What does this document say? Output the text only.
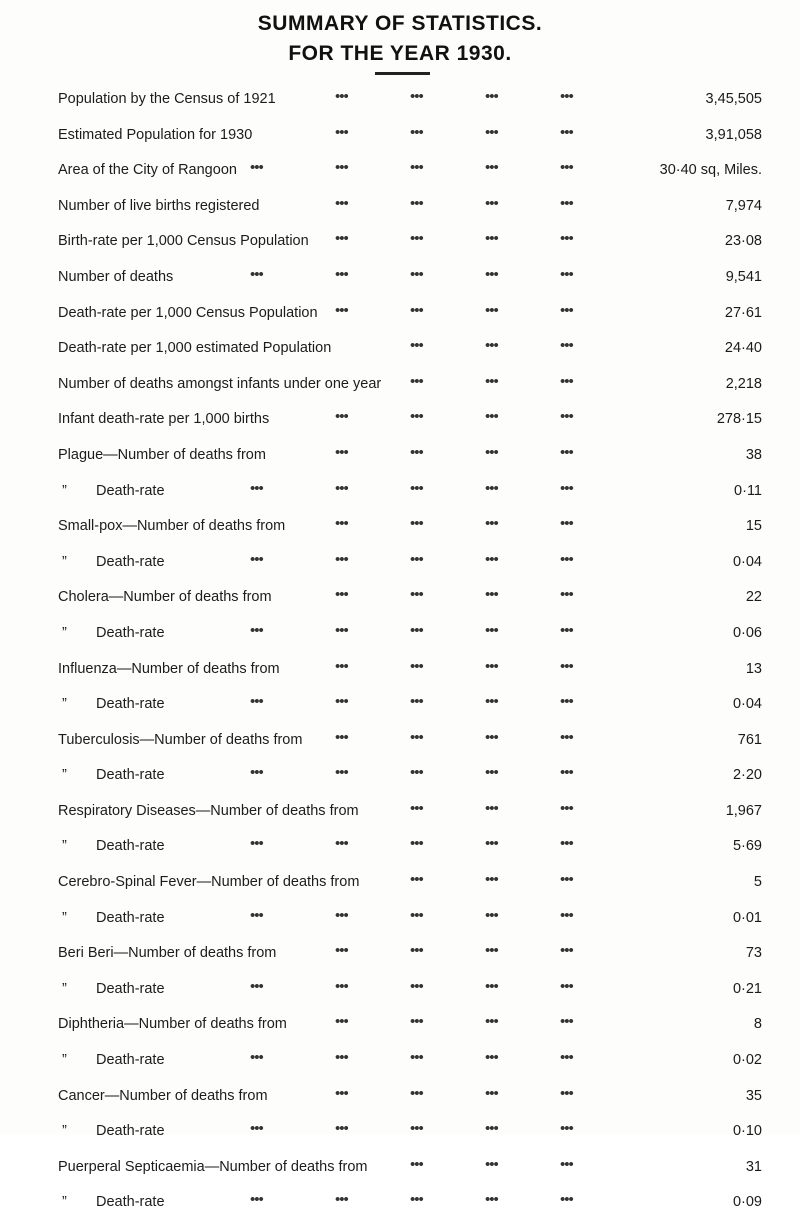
SUMMARY OF STATISTICS.
FOR THE YEAR 1930.
Population by the Census of 1921	•••	•••	•••	•••	3,45,505
Estimated Population for 1930	•••	•••	•••	•••	3,91,058
Area of the City of Rangoon •••	•••	•••	•••	•••	30·40 sq, Miles.
Number of live births registered	•••	•••	•••	•••	7,974
Birth-rate per 1,000 Census Population •••	•••	•••	•••	23·08
Number of deaths	•••	•••	•••	•••	•••	9,541
Death-rate per 1,000 Census Population •••	•••	•••	•••	27·61
Death-rate per 1,000 estimated Population	•••	•••	•••	24·40
Number of deaths amongst infants under one year •••	•••	•••	2,218
Infant death-rate per 1,000 births	•••	•••	•••	•••	278·15
Plague—Number of deaths from	•••	•••	•••	•••	38
” Death-rate	•••	•••	•••	•••	•••	0·11
Small-pox—Number of deaths from	•••	•••	•••	•••	15
” Death-rate	•••	•••	•••	•••	•••	0·04
Cholera—Number of deaths from	•••	•••	•••	•••	22
” Death-rate	•••	•••	•••	•••	•••	0·06
Influenza—Number of deaths from	•••	•••	•••	•••	13
” Death-rate	•••	•••	•••	•••	•••	0·04
Tuberculosis—Number of deaths from •••	•••	•••	•••	761
” Death-rate	•••	•••	•••	•••	•••	2·20
Respiratory Diseases—Number of deaths from	•••	•••	•••	1,967
” Death-rate	•••	•••	•••	•••	•••	5·69
Cerebro-Spinal Fever—Number of deaths from	•••	•••	•••	5
” Death-rate	•••	•••	•••	•••	•••	0·01
Beri Beri—Number of deaths from	•••	•••	•••	•••	73
” Death-rate	•••	•••	•••	•••	•••	0·21
Diphtheria—Number of deaths from	•••	•••	•••	•••	8
” Death-rate	•••	•••	•••	•••	•••	0·02
Cancer—Number of deaths from	•••	•••	•••	•••	35
” Death-rate	•••	•••	•••	•••	•••	0·10
Puerperal Septicaemia—Number of deaths from	•••	•••	•••	31
” Death-rate	•••	•••	•••	•••	•••	0·09
